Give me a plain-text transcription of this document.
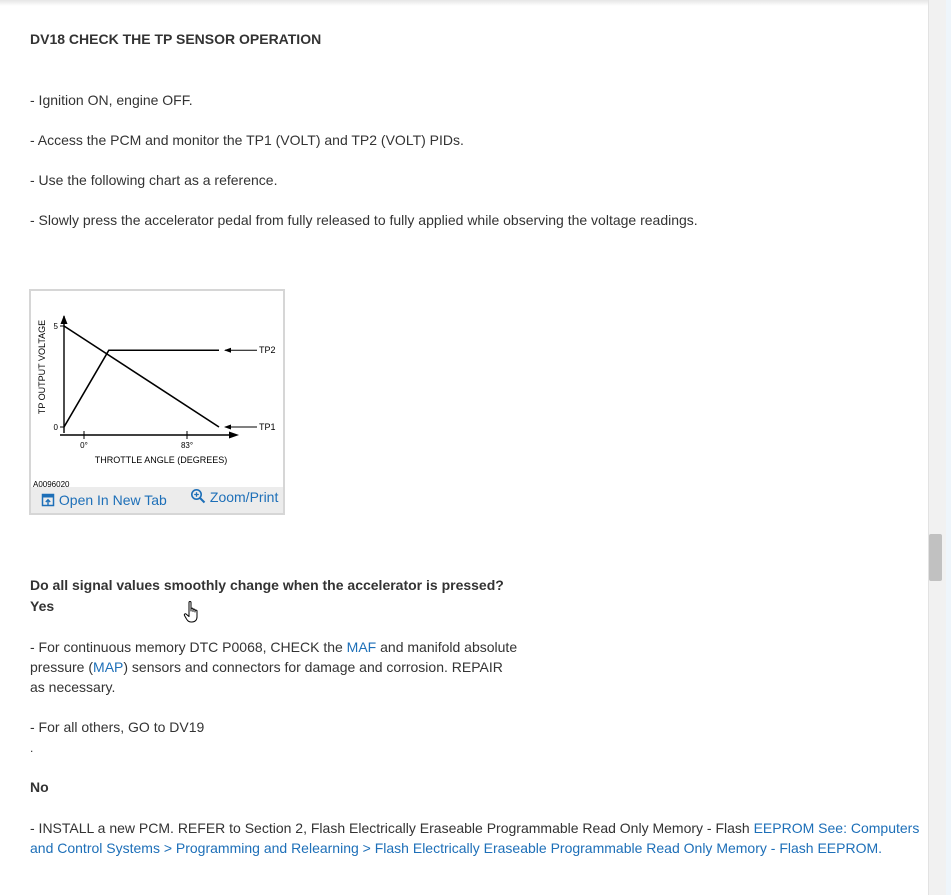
DV18 CHECK THE TP SENSOR OPERATION
- Ignition ON, engine OFF.
- Access the PCM and monitor the TP1 (VOLT) and TP2 (VOLT) PIDs.
- Use the following chart as a reference.
- Slowly press the accelerator pedal from fully released to fully applied while observing the voltage readings.
TP OUTPUT VOLTAGE
THROTTLE ANGLE (DEGREES)
A0096020
5
0
0°	83°
TP1
TP2
Open In New Tab	Zoom/Print
Do all signal values smoothly change when the accelerator is pressed?
Yes
- For continuous memory DTC P0068, CHECK the MAF and manifold absolute
pressure (MAP) sensors and connectors for damage and corrosion. REPAIR
as necessary.
- For all others, GO to DV19
.
No
- INSTALL a new PCM. REFER to Section 2, Flash Electrically Eraseable Programmable Read Only Memory - Flash EEPROM See: Computers
and Control Systems > Programming and Relearning > Flash Electrically Eraseable Programmable Read Only Memory - Flash EEPROM.
